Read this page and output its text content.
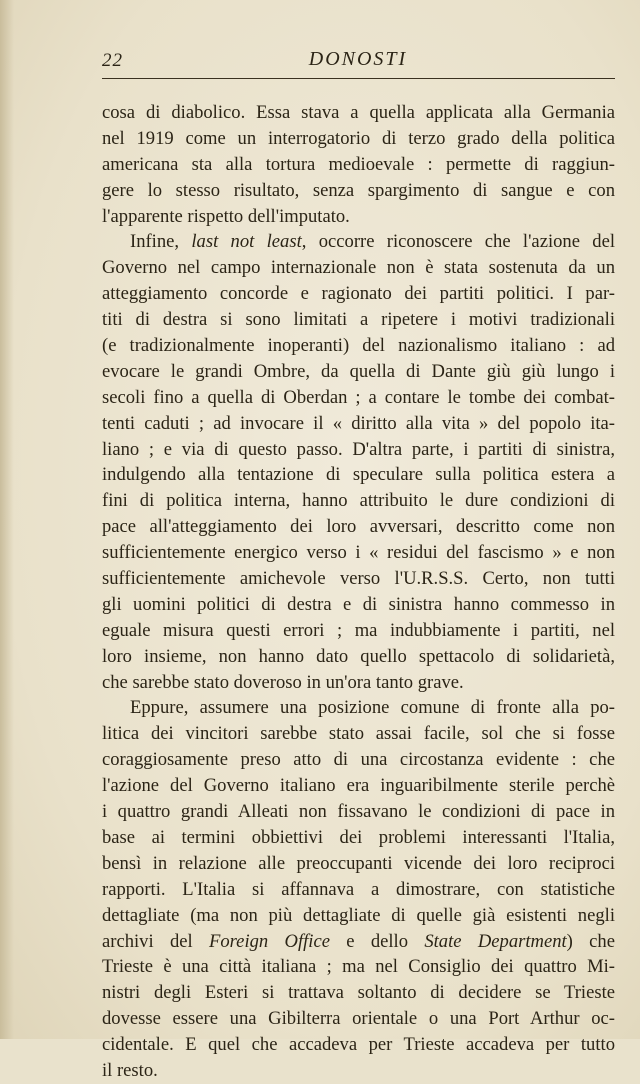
22	DONOSTI
cosa di diabolico. Essa stava a quella applicata alla Germania
nel 1919 come un interrogatorio di terzo grado della politica
americana sta alla tortura medioevale : permette di raggiun-
gere lo stesso risultato, senza spargimento di sangue e con
l'apparente rispetto dell'imputato.
Infine, last not least, occorre riconoscere che l'azione del
Governo nel campo internazionale non è stata sostenuta da un
atteggiamento concorde e ragionato dei partiti politici. I par-
titi di destra si sono limitati a ripetere i motivi tradizionali
(e tradizionalmente inoperanti) del nazionalismo italiano : ad
evocare le grandi Ombre, da quella di Dante giù giù lungo i
secoli fino a quella di Oberdan ; a contare le tombe dei combat-
tenti caduti ; ad invocare il « diritto alla vita » del popolo ita-
liano ; e via di questo passo. D'altra parte, i partiti di sinistra,
indulgendo alla tentazione di speculare sulla politica estera a
fini di politica interna, hanno attribuito le dure condizioni di
pace all'atteggiamento dei loro avversari, descritto come non
sufficientemente energico verso i « residui del fascismo » e non
sufficientemente amichevole verso l'U.R.S.S. Certo, non tutti
gli uomini politici di destra e di sinistra hanno commesso in
eguale misura questi errori ; ma indubbiamente i partiti, nel
loro insieme, non hanno dato quello spettacolo di solidarietà,
che sarebbe stato doveroso in un'ora tanto grave.
Eppure, assumere una posizione comune di fronte alla po-
litica dei vincitori sarebbe stato assai facile, sol che si fosse
coraggiosamente preso atto di una circostanza evidente : che
l'azione del Governo italiano era inguaribilmente sterile perchè
i quattro grandi Alleati non fissavano le condizioni di pace in
base ai termini obbiettivi dei problemi interessanti l'Italia,
bensì in relazione alle preoccupanti vicende dei loro reciproci
rapporti. L'Italia si affannava a dimostrare, con statistiche
dettagliate (ma non più dettagliate di quelle già esistenti negli
archivi del Foreign Office e dello State Department) che
Trieste è una città italiana ; ma nel Consiglio dei quattro Mi-
nistri degli Esteri si trattava soltanto di decidere se Trieste
dovesse essere una Gibilterra orientale o una Port Arthur oc-
cidentale. E quel che accadeva per Trieste accadeva per tutto
il resto.
